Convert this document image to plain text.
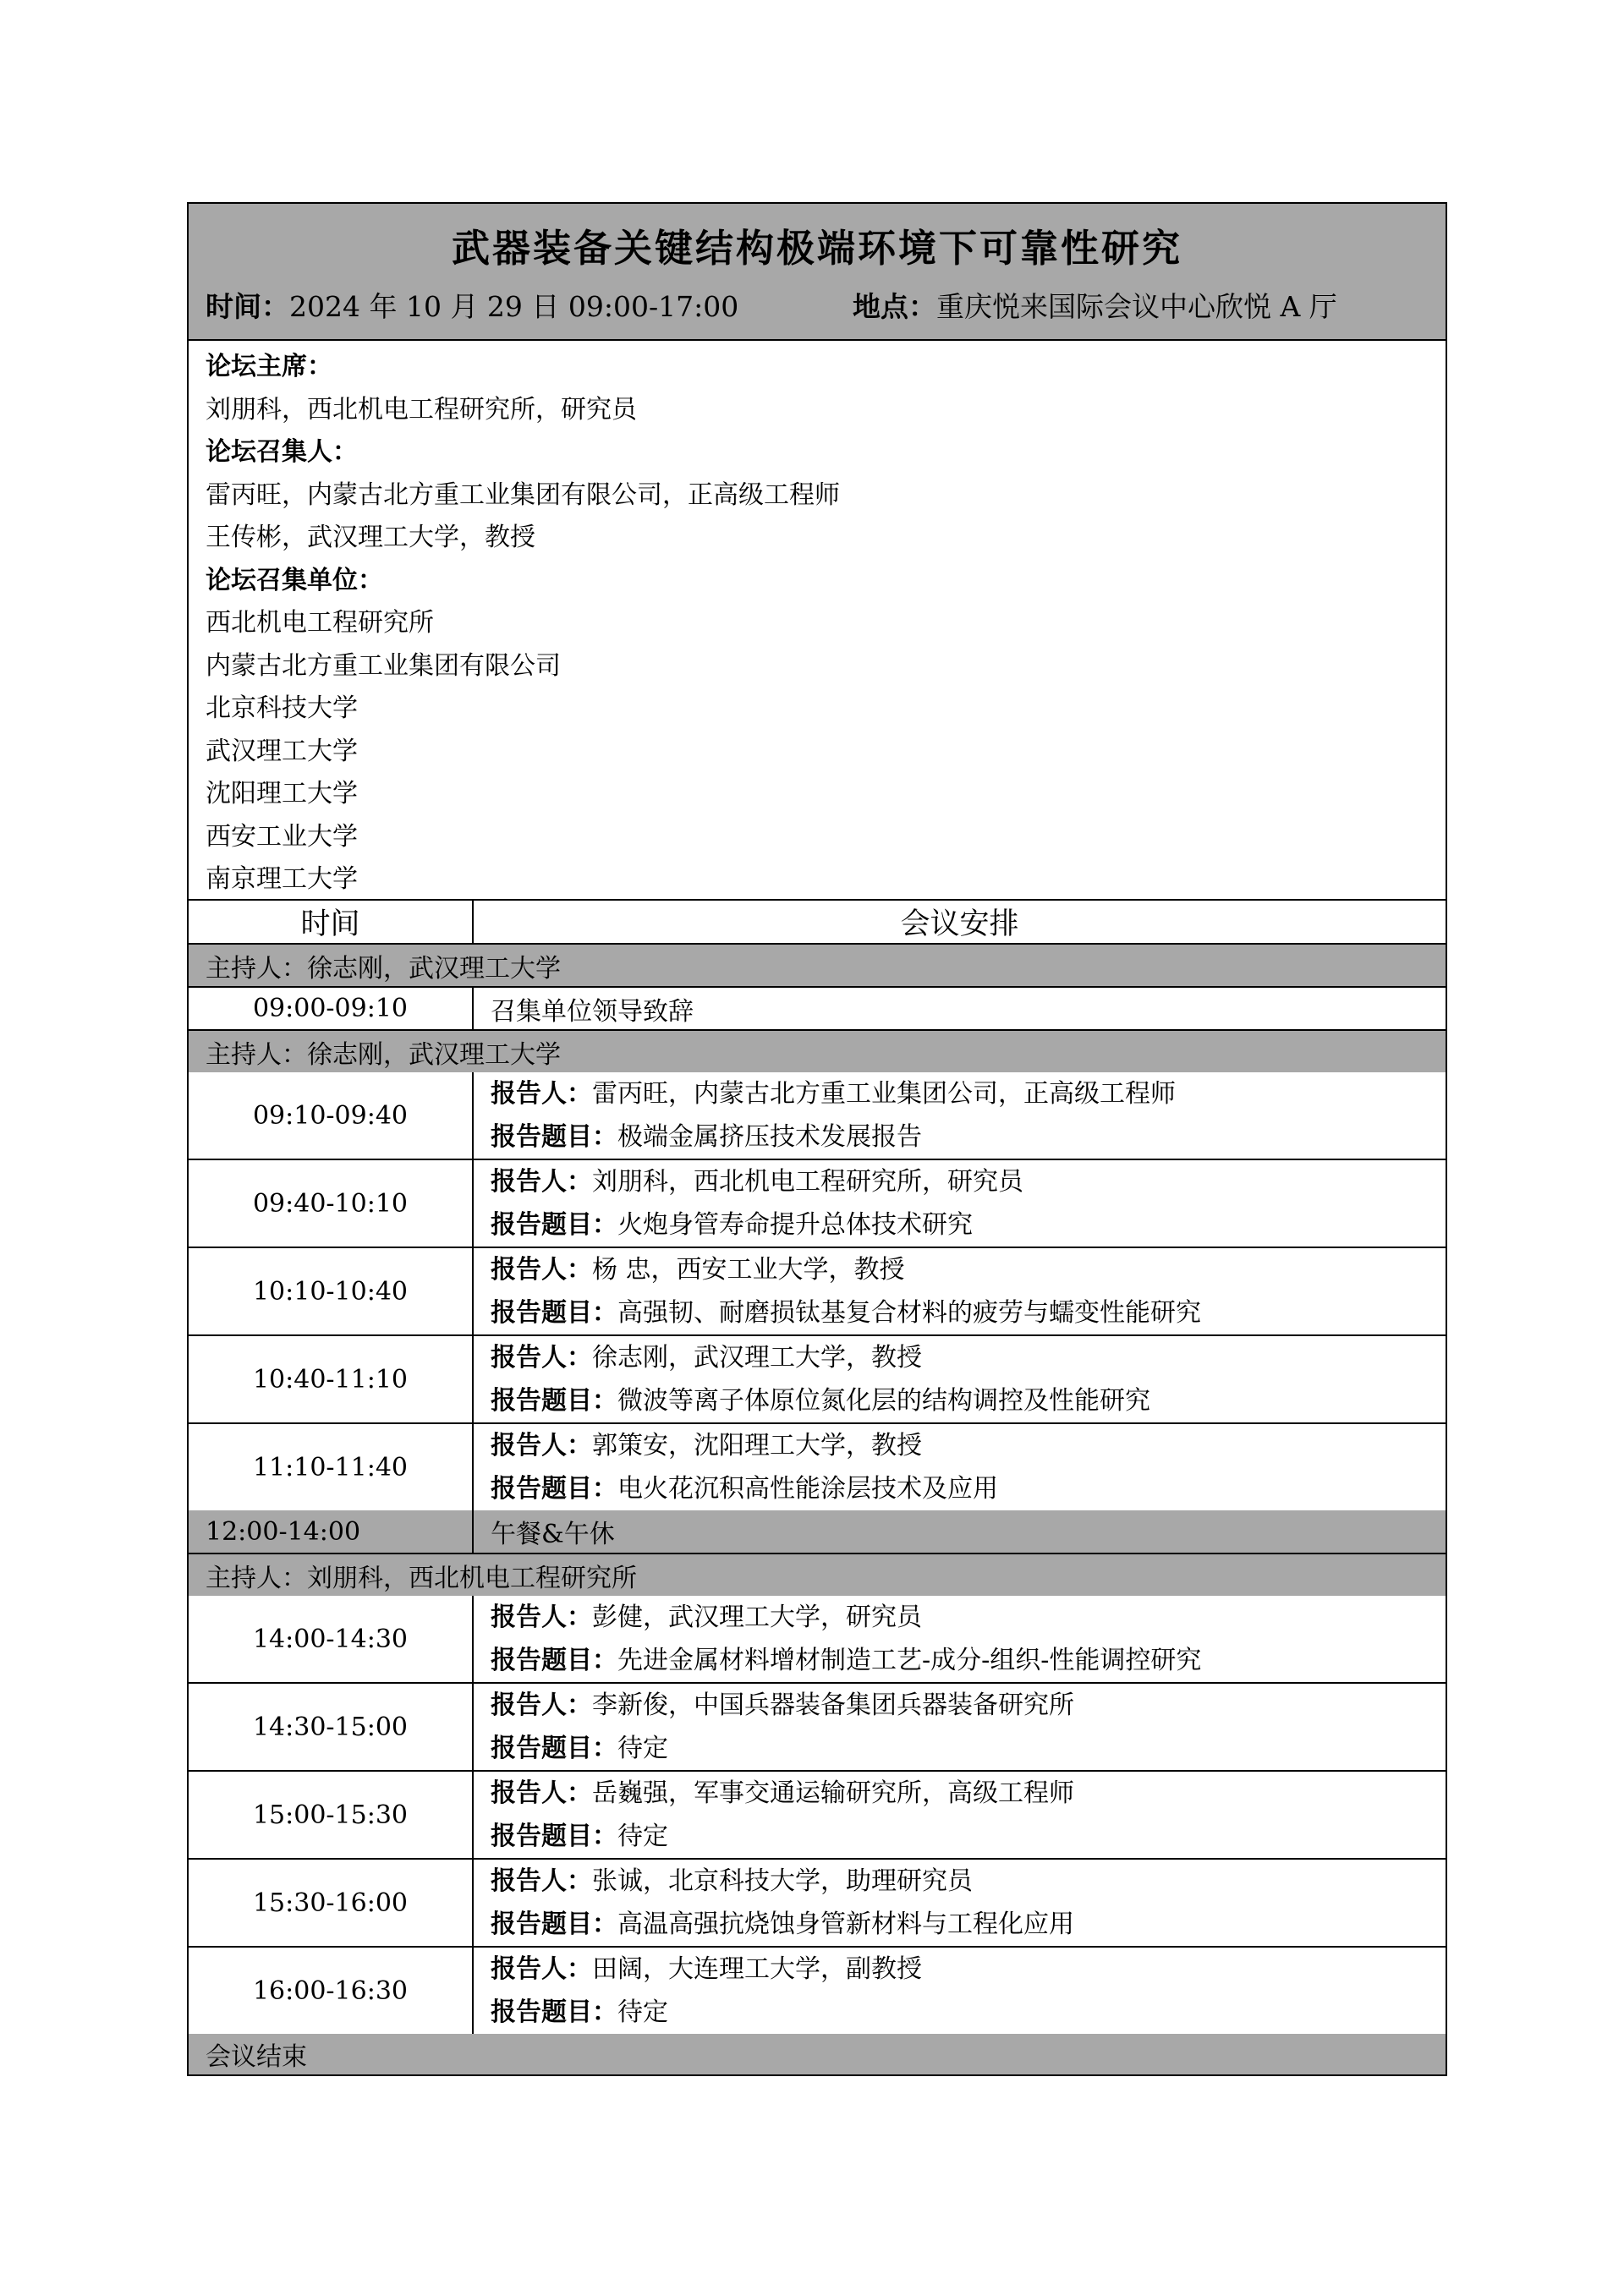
武器装备关键结构极端环境下可靠性研究
时间：2024 年 10 月 29 日 09:00-17:00	地点：重庆悦来国际会议中心欣悦 A 厅
论坛主席：
刘朋科，西北机电工程研究所，研究员
论坛召集人：
雷丙旺，内蒙古北方重工业集团有限公司，正高级工程师
王传彬，武汉理工大学，教授
论坛召集单位：
西北机电工程研究所
内蒙古北方重工业集团有限公司
北京科技大学
武汉理工大学
沈阳理工大学
西安工业大学
南京理工大学
时间	会议安排
主持人：徐志刚，武汉理工大学	
09:00-09:10	召集单位领导致辞
主持人：徐志刚，武汉理工大学	
09:10-09:40	报告人：雷丙旺，内蒙古北方重工业集团公司，正高级工程师
报告题目：极端金属挤压技术发展报告

09:40-10:10	报告人：刘朋科，西北机电工程研究所，研究员
报告题目：火炮身管寿命提升总体技术研究

10:10-10:40	报告人：杨 忠，西安工业大学，教授
报告题目：高强韧、耐磨损钛基复合材料的疲劳与蠕变性能研究

10:40-11:10	报告人：徐志刚，武汉理工大学，教授
报告题目：微波等离子体原位氮化层的结构调控及性能研究

11:10-11:40	报告人：郭策安，沈阳理工大学，教授
报告题目：电火花沉积高性能涂层技术及应用

12:00-14:00	午餐&午休
主持人：刘朋科，西北机电工程研究所	
14:00-14:30	报告人：彭健，武汉理工大学，研究员
报告题目：先进金属材料增材制造工艺-成分-组织-性能调控研究

14:30-15:00	报告人：李新俊，中国兵器装备集团兵器装备研究所
报告题目：待定

15:00-15:30	报告人：岳巍强，军事交通运输研究所，高级工程师
报告题目：待定

15:30-16:00	报告人：张诚，北京科技大学，助理研究员
报告题目：高温高强抗烧蚀身管新材料与工程化应用

16:00-16:30	报告人：田阔，大连理工大学，副教授
报告题目：待定

会议结束	
